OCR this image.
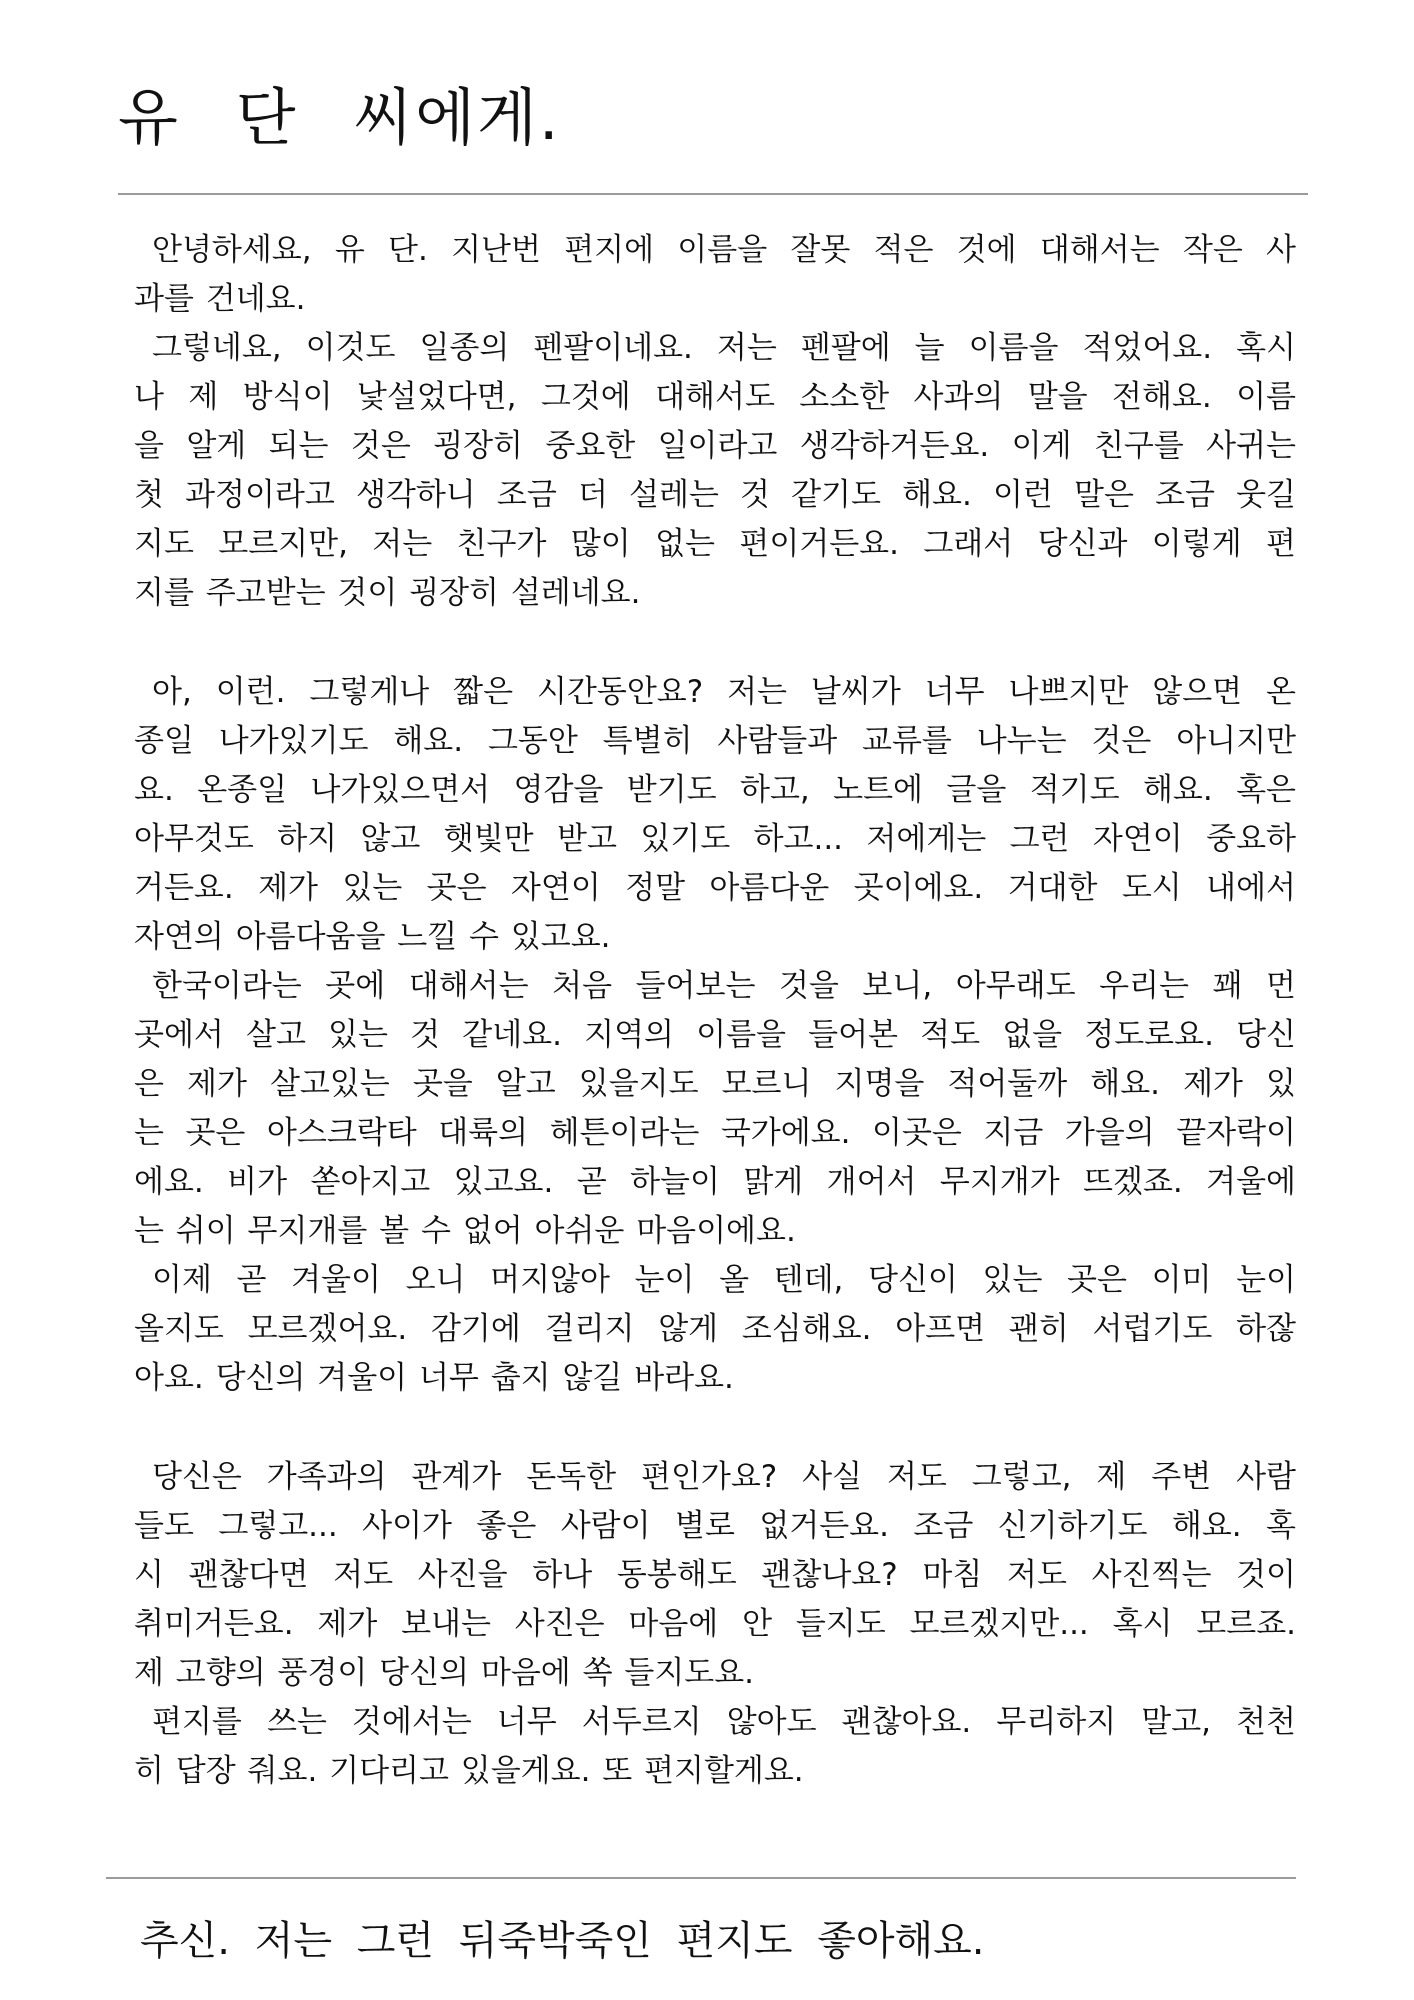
유 단 씨에게.
안녕하세요, 유 단. 지난번 편지에 이름을 잘못 적은 것에 대해서는 작은 사
과를 건네요.
그렇네요, 이것도 일종의 펜팔이네요. 저는 펜팔에 늘 이름을 적었어요. 혹시
나 제 방식이 낯설었다면, 그것에 대해서도 소소한 사과의 말을 전해요. 이름
을 알게 되는 것은 굉장히 중요한 일이라고 생각하거든요. 이게 친구를 사귀는
첫 과정이라고 생각하니 조금 더 설레는 것 같기도 해요. 이런 말은 조금 웃길
지도 모르지만, 저는 친구가 많이 없는 편이거든요. 그래서 당신과 이렇게 편
지를 주고받는 것이 굉장히 설레네요.
아, 이런. 그렇게나 짧은 시간동안요? 저는 날씨가 너무 나쁘지만 않으면 온
종일 나가있기도 해요. 그동안 특별히 사람들과 교류를 나누는 것은 아니지만
요. 온종일 나가있으면서 영감을 받기도 하고, 노트에 글을 적기도 해요. 혹은
아무것도 하지 않고 햇빛만 받고 있기도 하고... 저에게는 그런 자연이 중요하
거든요. 제가 있는 곳은 자연이 정말 아름다운 곳이에요. 거대한 도시 내에서
자연의 아름다움을 느낄 수 있고요.
한국이라는 곳에 대해서는 처음 들어보는 것을 보니, 아무래도 우리는 꽤 먼
곳에서 살고 있는 것 같네요. 지역의 이름을 들어본 적도 없을 정도로요. 당신
은 제가 살고있는 곳을 알고 있을지도 모르니 지명을 적어둘까 해요. 제가 있
는 곳은 아스크락타 대륙의 헤튼이라는 국가에요. 이곳은 지금 가을의 끝자락이
에요. 비가 쏟아지고 있고요. 곧 하늘이 맑게 개어서 무지개가 뜨겠죠. 겨울에
는 쉬이 무지개를 볼 수 없어 아쉬운 마음이에요.
이제 곧 겨울이 오니 머지않아 눈이 올 텐데, 당신이 있는 곳은 이미 눈이
올지도 모르겠어요. 감기에 걸리지 않게 조심해요. 아프면 괜히 서럽기도 하잖
아요. 당신의 겨울이 너무 춥지 않길 바라요.
당신은 가족과의 관계가 돈독한 편인가요? 사실 저도 그렇고, 제 주변 사람
들도 그렇고... 사이가 좋은 사람이 별로 없거든요. 조금 신기하기도 해요. 혹
시 괜찮다면 저도 사진을 하나 동봉해도 괜찮나요? 마침 저도 사진찍는 것이
취미거든요. 제가 보내는 사진은 마음에 안 들지도 모르겠지만... 혹시 모르죠.
제 고향의 풍경이 당신의 마음에 쏙 들지도요.
편지를 쓰는 것에서는 너무 서두르지 않아도 괜찮아요. 무리하지 말고, 천천
히 답장 줘요. 기다리고 있을게요. 또 편지할게요.
추신. 저는 그런 뒤죽박죽인 편지도 좋아해요.
